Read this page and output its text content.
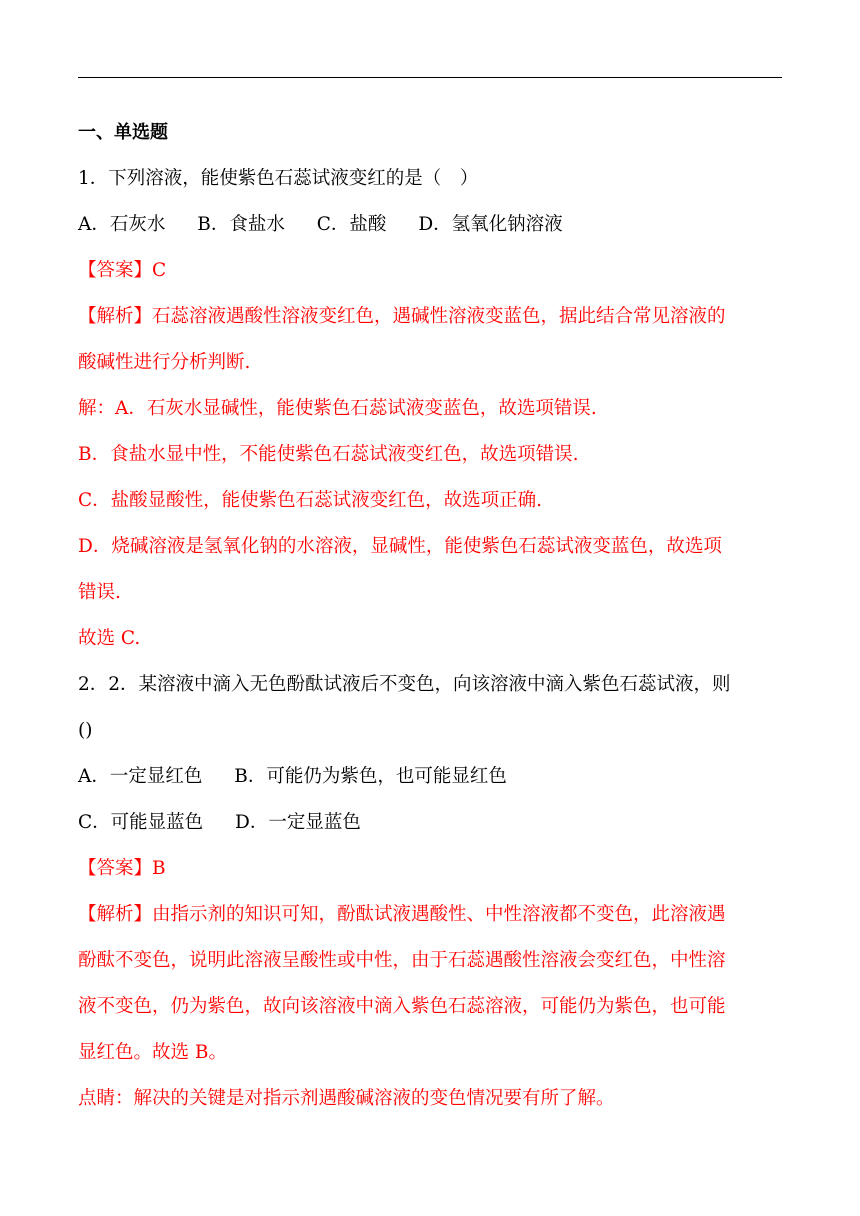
一、单选题
1．下列溶液，能使紫色石蕊试液变红的是（　）
A．石灰水 B．食盐水 C．盐酸 D．氢氧化钠溶液
【答案】C
【解析】石蕊溶液遇酸性溶液变红色，遇碱性溶液变蓝色，据此结合常见溶液的
酸碱性进行分析判断.
解：A．石灰水显碱性，能使紫色石蕊试液变蓝色，故选项错误.
B．食盐水显中性，不能使紫色石蕊试液变红色，故选项错误.
C．盐酸显酸性，能使紫色石蕊试液变红色，故选项正确.
D．烧碱溶液是氢氧化钠的水溶液，显碱性，能使紫色石蕊试液变蓝色，故选项
错误.
故选 C.
2．2．某溶液中滴入无色酚酞试液后不变色，向该溶液中滴入紫色石蕊试液，则
()
A．一定显红色 B．可能仍为紫色，也可能显红色
C．可能显蓝色 D．一定显蓝色
【答案】B
【解析】由指示剂的知识可知，酚酞试液遇酸性、中性溶液都不变色，此溶液遇
酚酞不变色，说明此溶液呈酸性或中性，由于石蕊遇酸性溶液会变红色，中性溶
液不变色，仍为紫色，故向该溶液中滴入紫色石蕊溶液，可能仍为紫色，也可能
显红色。故选 B。
点睛：解决的关键是对指示剂遇酸碱溶液的变色情况要有所了解。
